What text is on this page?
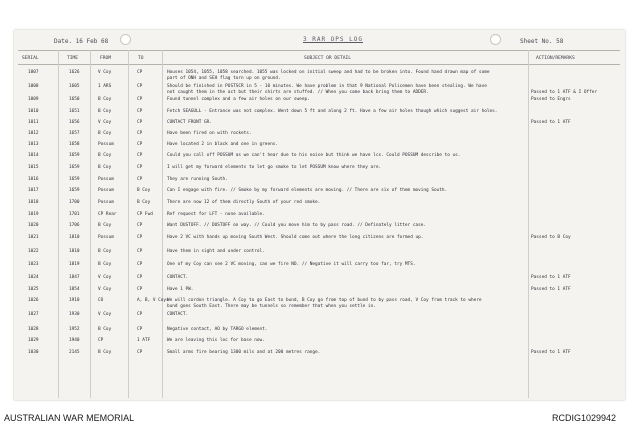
Date. 16 Feb 68	3 RAR OPS LOG	Sheet No. 58
SERIAL	TIME	FROM	TO	SUBJECT OR DETAIL	ACTION/REMARKS
1007	1626	V Coy	CP	Houses 1054, 1055, 1058 searched. 1055 was locked on initial sweep and had to be broken into. Found hand drawn map of some
part of ONH and SEH flag torn up on ground.
1008	1605	1 ARS	CP	Should be finished in POSTSCR in 5 - 10 minutes. We have problem in that 9 National Policemen have been stealing. We have
not caught them in the act but their shirts are stuffed. // When you come back bring them to ADDER.	Passed to 1 ATF & I Offer
1009	1650	B Coy	CP	Found tunnel complex and a few air holes on our sweep.	Passed to Engrs
1010	1651	B Coy	CP	Fetch SEAGULL - Entrance was not complex. Went down 5 ft and along 2 ft. Have a few air holes though which suggest air holes.
1011	1656	V Coy	CP	CONTACT FRONT GR.	Passed to 1 ATF
1012	1657	B Coy	CP	Have been fired on with rockets.
1013	1658	Possum	CP	Have located 2 in black and one in greens.
1014	1659	B Coy	CP	Could you call off POSSUM as we can't hear due to his noise but think we have lcs. Could POSSUM describe to us.
1015	1659	B Coy	CP	I will get my forward elements to let go smoke to let POSSUM know where they are.
1016	1659	Possum	CP	They are running South.
1017	1659	Possum	B Coy	Can I engage with fire. // Smoke by my forward elements are moving. // There are six of them moving South.
1018	1700	Possum	B Coy	There are now 12 of them directly South of your red smoke.
1019	1701	CP Rear	CP Fwd	Ref request for LFT - none available.
1020	1706	B Coy	CP	Want DUSTOFF. // DUSTOFF on way. // Could you move him to by pass road. // Definately litter case.
1021	1810	Possum	CP	Have 2 VC with hands up moving South West. Should come out where the long citizens are formed up.	Passed to B Coy
1022	1810	B Coy	CP	Have them in sight and under control.
1023	1819	B Coy	CP	One of my Coy can see 2 VC moving, can we fire NO. // Negative it will carry too far, try MTS.
1024	1847	V Coy	CP	CONTACT.	Passed to 1 ATF
1025	1854	V Coy	CP	Have 1 PW.	Passed to 1 ATF
1026	1910	CO	A, B, V Coys
We will cordon triangle. A Coy to go East to bund, B Coy go from top of bund to by pass road, V Coy from track to where
bund goes South East. There may be tunnels so remember that when you settle in.
1027	1930	V Coy	CP	CONTACT.
1028	1952	B Coy	CP	Negative contact, AO by TARGO element.
1029	1940	CP	1 ATF	We are leaving this loc for base now.
1030	2145	B Coy	CP	Small arms fire bearing 1300 mils and at 200 metres range.	Passed to 1 ATF
AUSTRALIAN WAR MEMORIAL	RCDIG1029942
